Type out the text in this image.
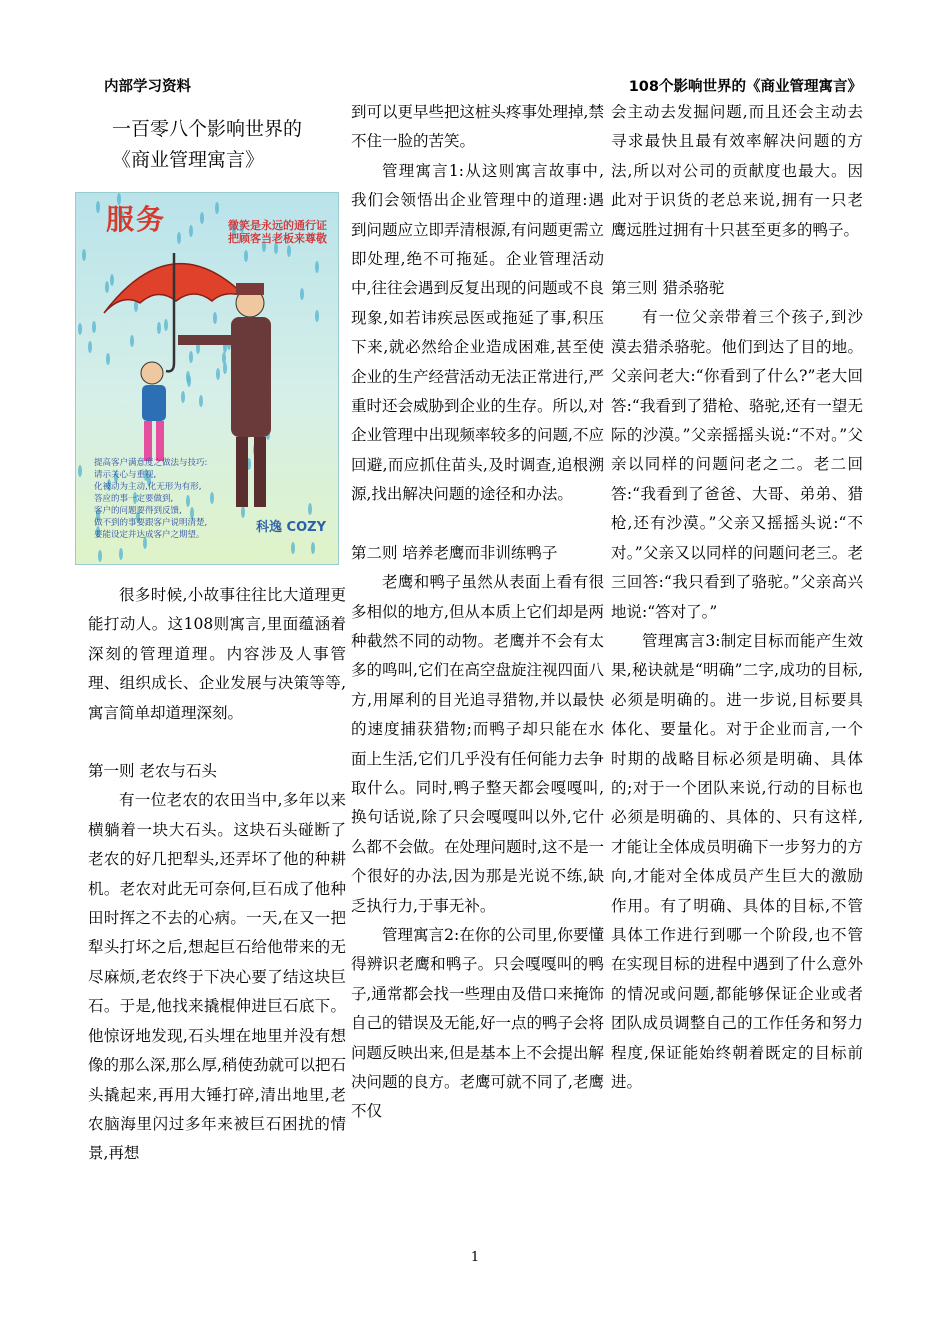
内部学习资料	108个影响世界的《商业管理寓言》

一百零八个影响世界的

《商业管理寓言》

服务	微笑是永远的通行证
把顾客当老板来尊敬
提高客户满意度之做法与技巧:
请示关心与重视,
化被动为主动,化无形为有形,
答应的事一定要做到,
客户的问题要得到反馈,
做不到的事要跟客户说明清楚,
要能设定并达成客户之期望。	科逸 COZY

很多时候,小故事往往比大道理更能打动人。这108则寓言,里面蕴涵着深刻的管理道理。内容涉及人事管理、组织成长、企业发展与决策等等,寓言简单却道理深刻。

第一则 老农与石头

有一位老农的农田当中,多年以来横躺着一块大石头。这块石头碰断了老农的好几把犁头,还弄坏了他的种耕机。老农对此无可奈何,巨石成了他种田时挥之不去的心病。一天,在又一把犁头打坏之后,想起巨石给他带来的无尽麻烦,老农终于下决心要了结这块巨石。于是,他找来撬棍伸进巨石底下。他惊讶地发现,石头埋在地里并没有想像的那么深,那么厚,稍使劲就可以把石头撬起来,再用大锤打碎,清出地里,老农脑海里闪过多年来被巨石困扰的情景,再想

到可以更早些把这桩头疼事处理掉,禁不住一脸的苦笑。

管理寓言1:从这则寓言故事中, 我们会领悟出企业管理中的道理:遇到问题应立即弄清根源,有问题更需立即处理,绝不可拖延。企业管理活动中,往往会遇到反复出现的问题或不良现象,如若讳疾忌医或拖延了事,积压下来,就必然给企业造成困难,甚至使企业的生产经营活动无法正常进行,严重时还会威胁到企业的生存。所以,对企业管理中出现频率较多的问题,不应回避,而应抓住苗头,及时调查,追根溯源,找出解决问题的途径和办法。

第二则 培养老鹰而非训练鸭子

老鹰和鸭子虽然从表面上看有很多相似的地方,但从本质上它们却是两种截然不同的动物。老鹰并不会有太多的鸣叫,它们在高空盘旋注视四面八方,用犀利的目光追寻猎物,并以最快的速度捕获猎物;而鸭子却只能在水面上生活,它们几乎没有任何能力去争取什么。同时,鸭子整天都会嘎嘎叫,换句话说,除了只会嘎嘎叫以外,它什么都不会做。在处理问题时,这不是一个很好的办法,因为那是光说不练,缺乏执行力,于事无补。

管理寓言2:在你的公司里,你要懂得辨识老鹰和鸭子。只会嘎嘎叫的鸭子,通常都会找一些理由及借口来掩饰自己的错误及无能,好一点的鸭子会将问题反映出来,但是基本上不会提出解决问题的良方。老鹰可就不同了,老鹰不仅

会主动去发掘问题,而且还会主动去寻求最快且最有效率解决问题的方法,所以对公司的贡献度也最大。因此对于识货的老总来说,拥有一只老鹰远胜过拥有十只甚至更多的鸭子。

第三则 猎杀骆驼

有一位父亲带着三个孩子,到沙漠去猎杀骆驼。他们到达了目的地。父亲问老大:“你看到了什么?”老大回答:“我看到了猎枪、骆驼,还有一望无际的沙漠。”父亲摇摇头说:“不对。”父亲以同样的问题问老之二。老二回答:“我看到了爸爸、大哥、弟弟、猎枪,还有沙漠。”父亲又摇摇头说:“不对。”父亲又以同样的问题问老三。老三回答:“我只看到了骆驼。”父亲高兴地说:“答对了。”

管理寓言3:制定目标而能产生效果,秘诀就是“明确”二字,成功的目标,必须是明确的。进一步说,目标要具体化、要量化。对于企业而言,一个时期的战略目标必须是明确、具体的;对于一个团队来说,行动的目标也必须是明确的、具体的、只有这样,才能让全体成员明确下一步努力的方向,才能对全体成员产生巨大的激励作用。有了明确、具体的目标,不管具体工作进行到哪一个阶段,也不管在实现目标的进程中遇到了什么意外的情况或问题,都能够保证企业或者团队成员调整自己的工作任务和努力程度,保证能始终朝着既定的目标前进。

1
